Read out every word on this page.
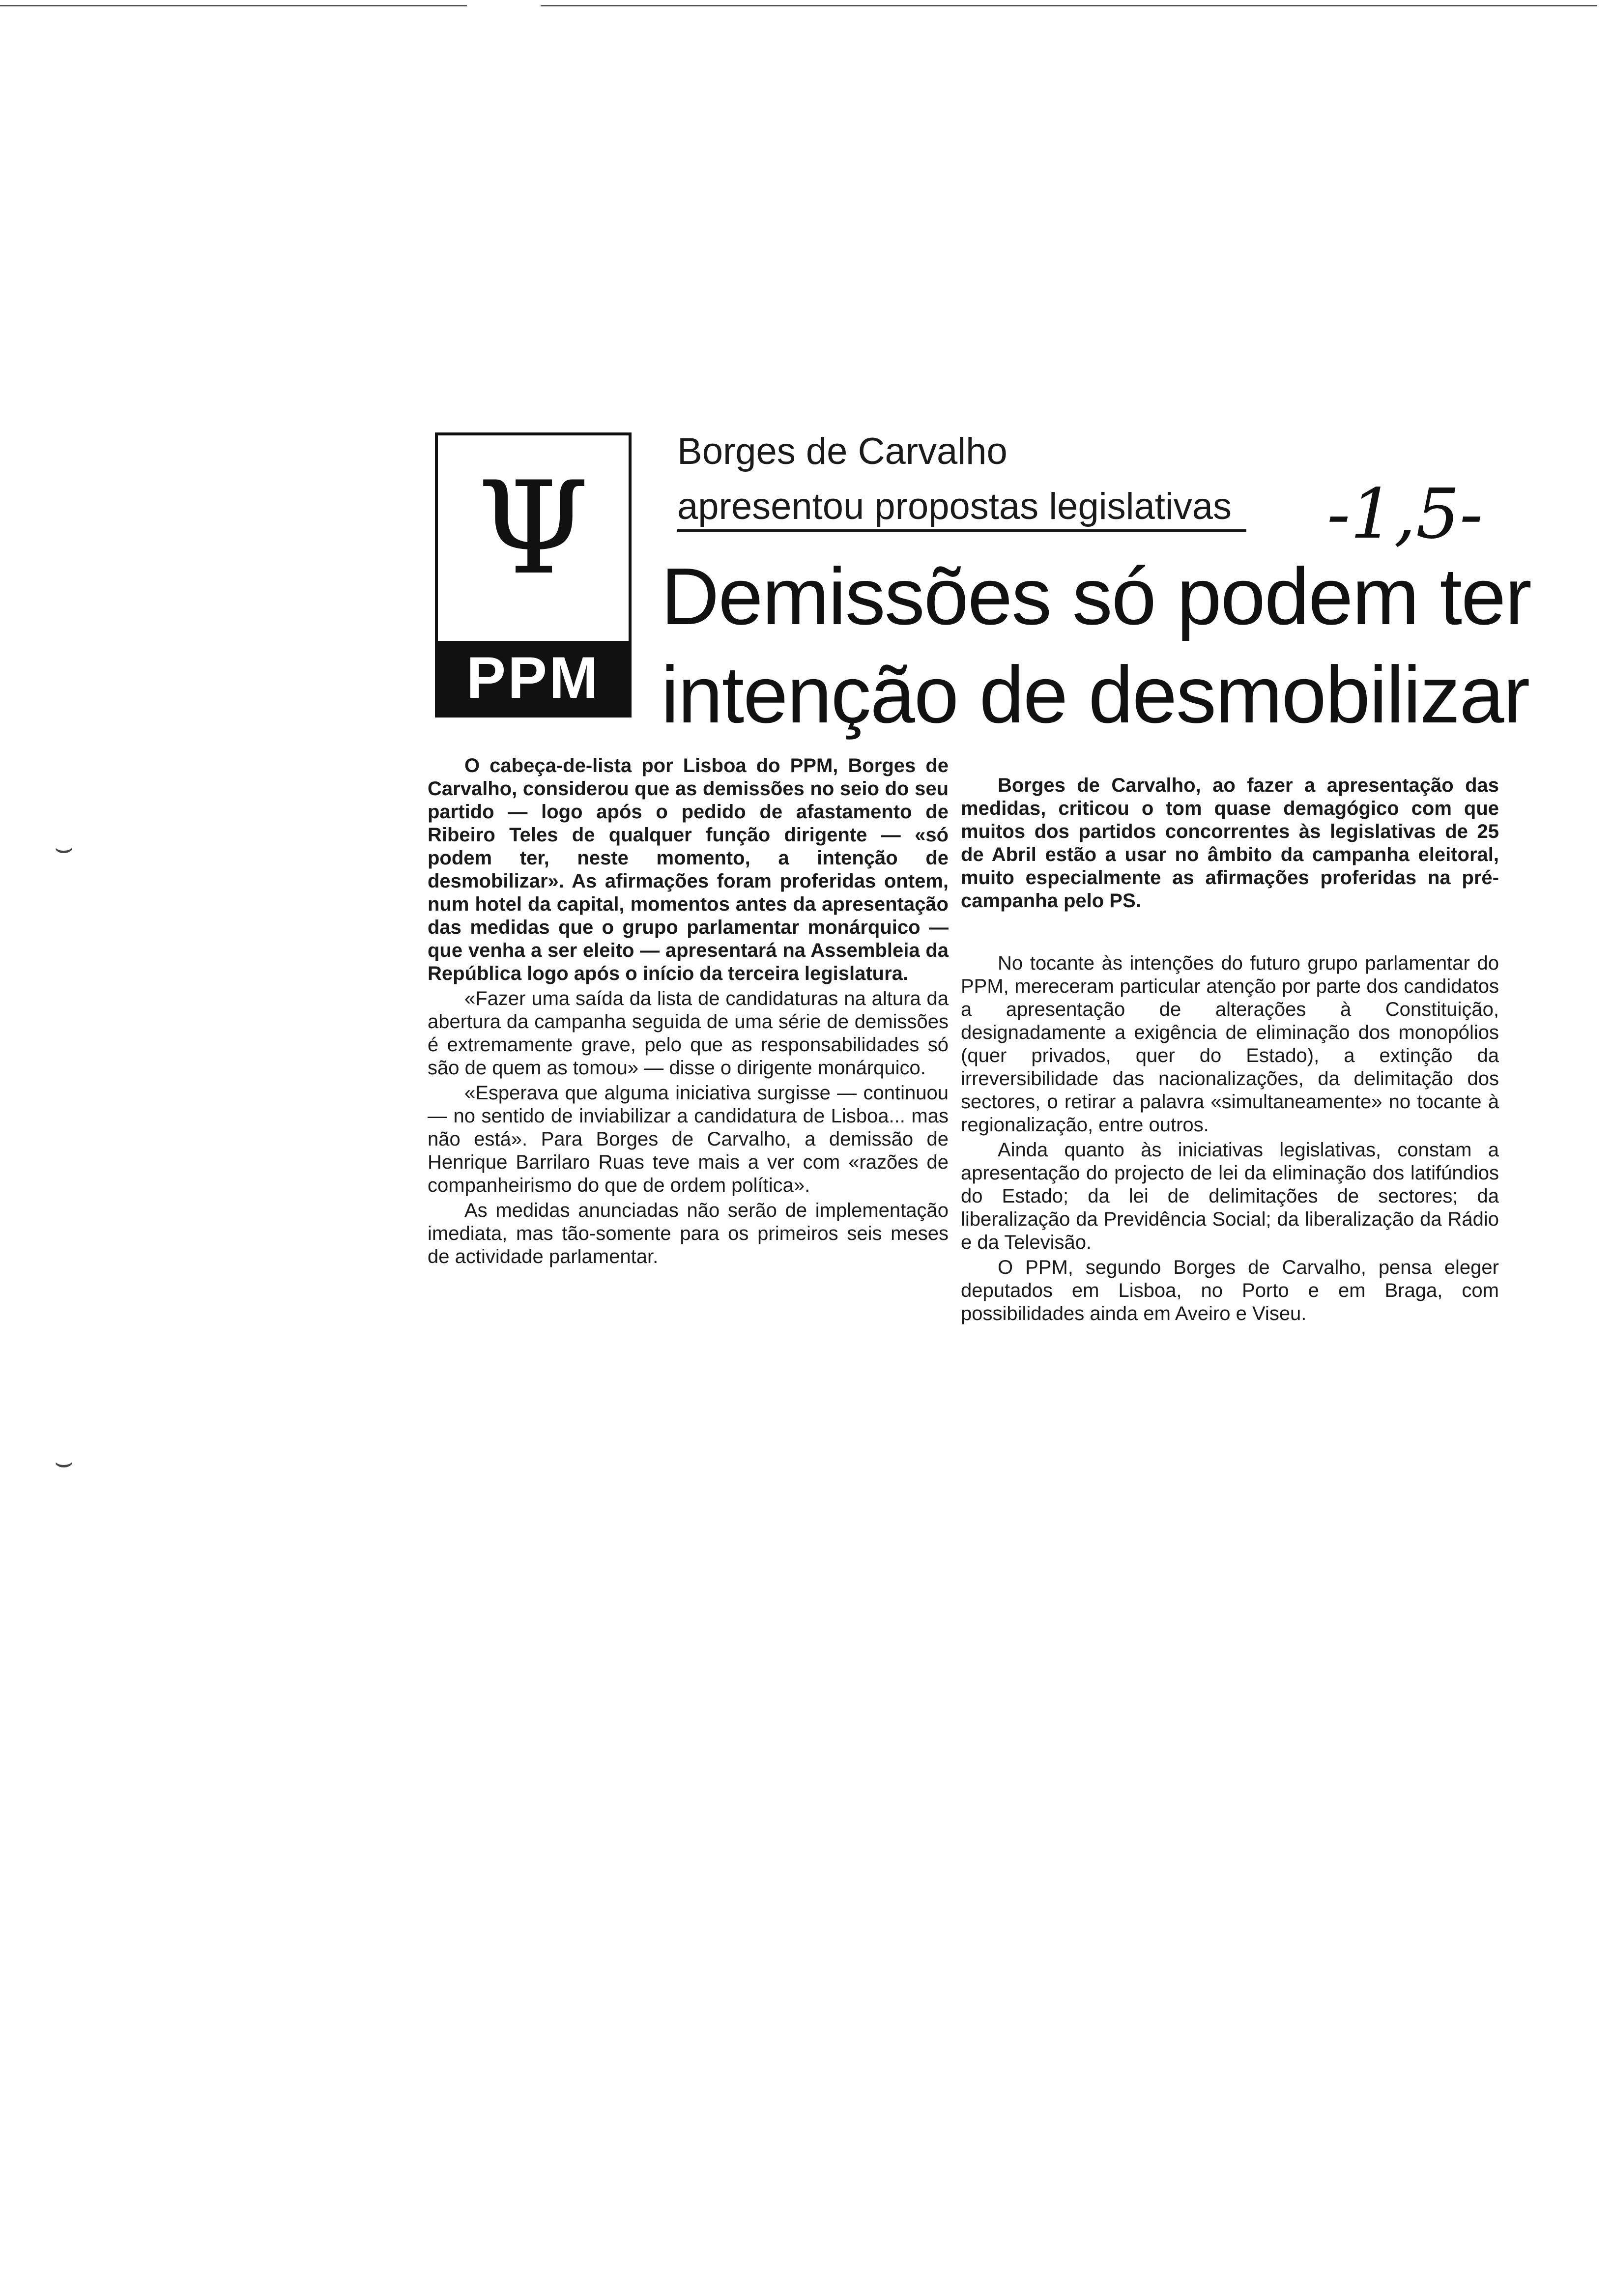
⌣
⌣
Ψ
PPM
Borges de Carvalho
apresentou propostas legislativas -1,5-
Demissões só podem ter
intenção de desmobilizar

O cabeça-de-lista por Lisboa do PPM, Borges de Carvalho, considerou que as demissões no seio do seu partido — logo após o pedido de afastamento de Ribeiro Teles de qualquer função dirigente — «só podem ter, neste momento, a intenção de desmobilizar». As afirmações foram proferidas ontem, num hotel da capital, momentos antes da apresentação das medidas que o grupo parlamentar monárquico — que venha a ser eleito — apresentará na Assembleia da República logo após o início da terceira legislatura.

«Fazer uma saída da lista de candidaturas na altura da abertura da campanha seguida de uma série de demissões é extremamente grave, pelo que as responsabilidades só são de quem as tomou» — disse o dirigente monárquico.

«Esperava que alguma iniciativa surgisse — continuou — no sentido de inviabilizar a candidatura de Lisboa... mas não está». Para Borges de Carvalho, a demissão de Henrique Barrilaro Ruas teve mais a ver com «razões de companheirismo do que de ordem política».

As medidas anunciadas não serão de implementação imediata, mas tão-somente para os primeiros seis meses de actividade parlamentar.

Borges de Carvalho, ao fazer a apresentação das medidas, criticou o tom quase demagógico com que muitos dos partidos concorrentes às legislativas de 25 de Abril estão a usar no âmbito da campanha eleitoral, muito especialmente as afirmações proferidas na pré-campanha pelo PS.

No tocante às intenções do futuro grupo parlamentar do PPM, mereceram particular atenção por parte dos candidatos a apresentação de alterações à Constituição, designadamente a exigência de eliminação dos monopólios (quer privados, quer do Estado), a extinção da irreversibilidade das nacionalizações, da delimitação dos sectores, o retirar a palavra «simultaneamente» no tocante à regionalização, entre outros.

Ainda quanto às iniciativas legislativas, constam a apresentação do projecto de lei da eliminação dos latifúndios do Estado; da lei de delimitações de sectores; da liberalização da Previdência Social; da liberalização da Rádio e da Televisão.

O PPM, segundo Borges de Carvalho, pensa eleger deputados em Lisboa, no Porto e em Braga, com possibilidades ainda em Aveiro e Viseu.
